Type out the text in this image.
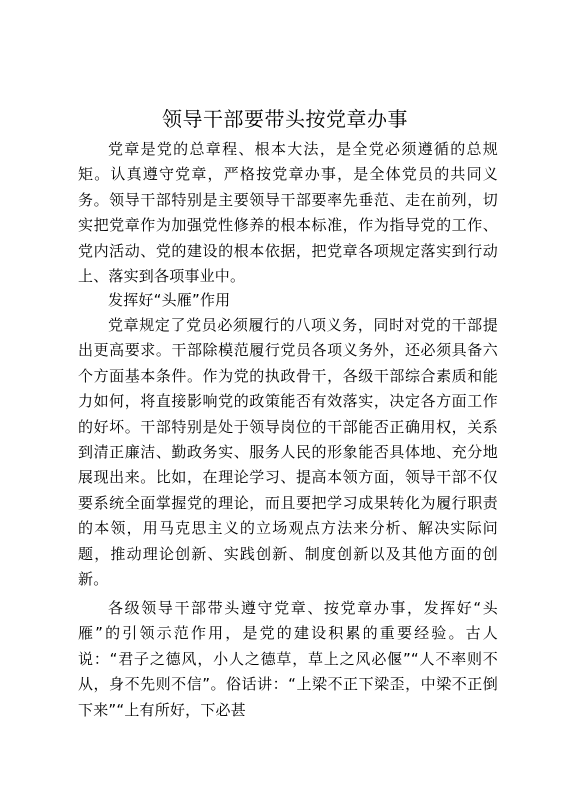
领导干部要带头按党章办事
党章是党的总章程、根本大法，是全党必须遵循的总规矩。认真遵守党章，严格按党章办事，是全体党员的共同义务。领导干部特别是主要领导干部要率先垂范、走在前列，切实把党章作为加强党性修养的根本标准，作为指导党的工作、党内活动、党的建设的根本依据，把党章各项规定落实到行动上、落实到各项事业中。
发挥好“头雁”作用
党章规定了党员必须履行的八项义务，同时对党的干部提出更高要求。干部除模范履行党员各项义务外，还必须具备六个方面基本条件。作为党的执政骨干，各级干部综合素质和能力如何，将直接影响党的政策能否有效落实，决定各方面工作的好坏。干部特别是处于领导岗位的干部能否正确用权，关系到清正廉洁、勤政务实、服务人民的形象能否具体地、充分地展现出来。比如，在理论学习、提高本领方面，领导干部不仅要系统全面掌握党的理论，而且要把学习成果转化为履行职责的本领，用马克思主义的立场观点方法来分析、解决实际问题，推动理论创新、实践创新、制度创新以及其他方面的创新。
各级领导干部带头遵守党章、按党章办事，发挥好“头雁”的引领示范作用，是党的建设积累的重要经验。古人说：“君子之德风，小人之德草，草上之风必偃”“人不率则不从，身不先则不信”。俗话讲：“上梁不正下梁歪，中梁不正倒下来”“上有所好，下必甚
